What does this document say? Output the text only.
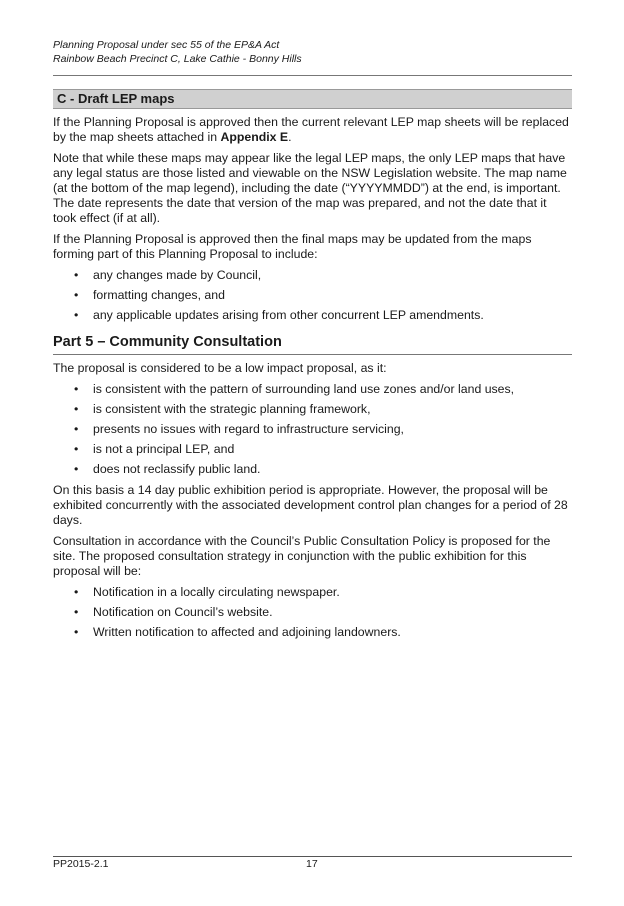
Planning Proposal under sec 55 of the EP&A Act
Rainbow Beach Precinct C, Lake Cathie - Bonny Hills
C - Draft LEP maps

If the Planning Proposal is approved then the current relevant LEP map sheets will be replaced by the map sheets attached in Appendix E.

Note that while these maps may appear like the legal LEP maps, the only LEP maps that have any legal status are those listed and viewable on the NSW Legislation website. The map name (at the bottom of the map legend), including the date (“YYYYMMDD”) at the end, is important. The date represents the date that version of the map was prepared, and not the date that it took effect (if at all).

If the Planning Proposal is approved then the final maps may be updated from the maps forming part of this Planning Proposal to include:

• any changes made by Council,
• formatting changes, and
• any applicable updates arising from other concurrent LEP amendments.
Part 5 – Community Consultation

The proposal is considered to be a low impact proposal, as it:

• is consistent with the pattern of surrounding land use zones and/or land uses,
• is consistent with the strategic planning framework,
• presents no issues with regard to infrastructure servicing,
• is not a principal LEP, and
• does not reclassify public land.

On this basis a 14 day public exhibition period is appropriate. However, the proposal will be exhibited concurrently with the associated development control plan changes for a period of 28 days.

Consultation in accordance with the Council’s Public Consultation Policy is proposed for the site. The proposed consultation strategy in conjunction with the public exhibition for this proposal will be:

• Notification in a locally circulating newspaper.
• Notification on Council’s website.
• Written notification to affected and adjoining landowners.
PP2015-2.1	17
